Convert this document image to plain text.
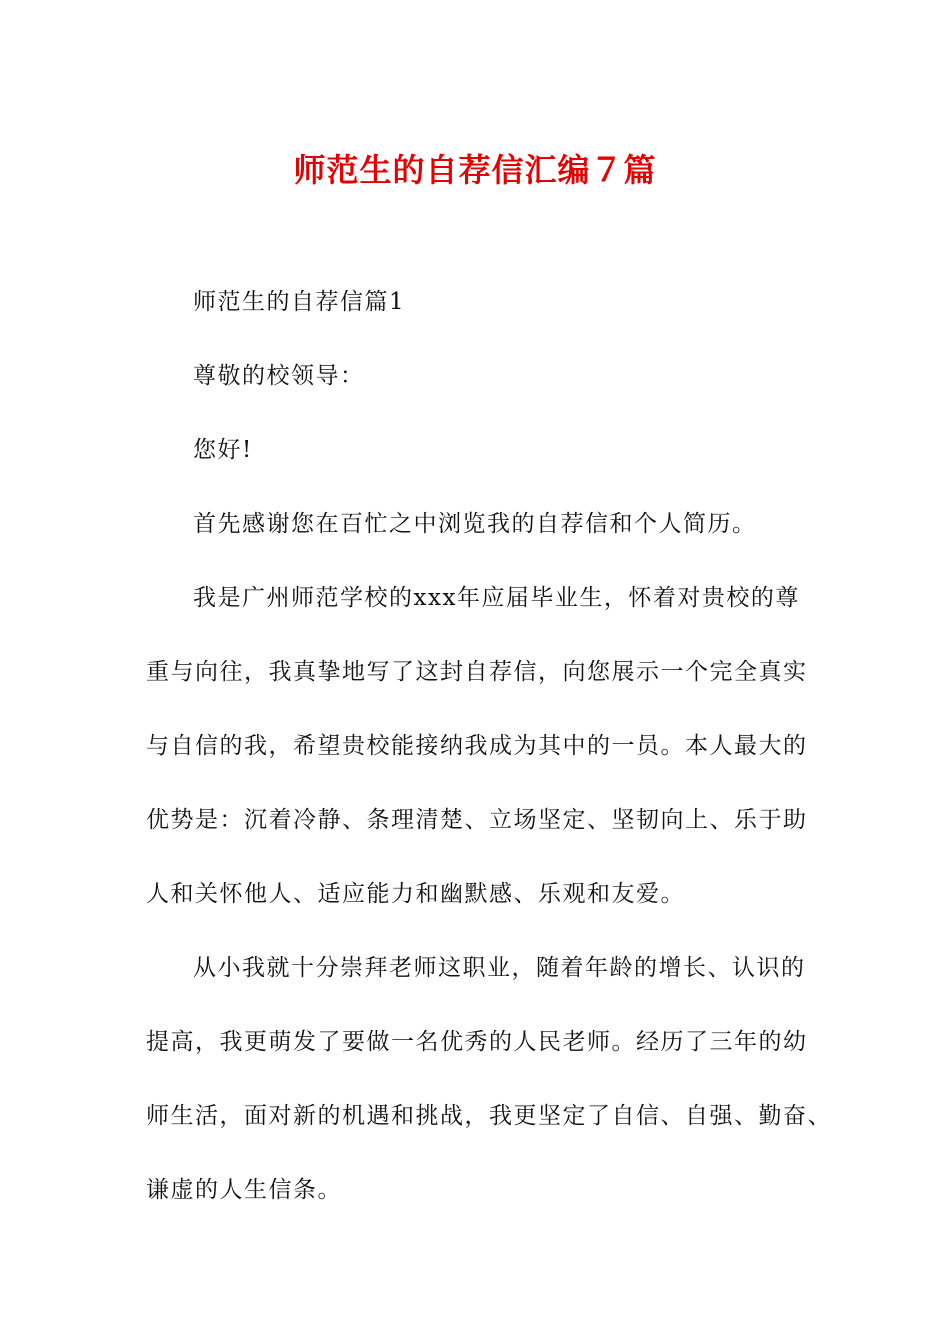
师范生的自荐信汇编７篇
师范生的自荐信篇1
尊敬的校领导：
您好!
首先感谢您在百忙之中浏览我的自荐信和个人简历。
我是广州师范学校的xxx年应届毕业生，怀着对贵校的尊
重与向往，我真挚地写了这封自荐信，向您展示一个完全真实
与自信的我，希望贵校能接纳我成为其中的一员。本人最大的
优势是：沉着冷静、条理清楚、立场坚定、坚韧向上、乐于助
人和关怀他人、适应能力和幽默感、乐观和友爱。
从小我就十分崇拜老师这职业，随着年龄的增长、认识的
提高，我更萌发了要做一名优秀的人民老师。经历了三年的幼
师生活，面对新的机遇和挑战，我更坚定了自信、自强、勤奋、
谦虚的人生信条。
